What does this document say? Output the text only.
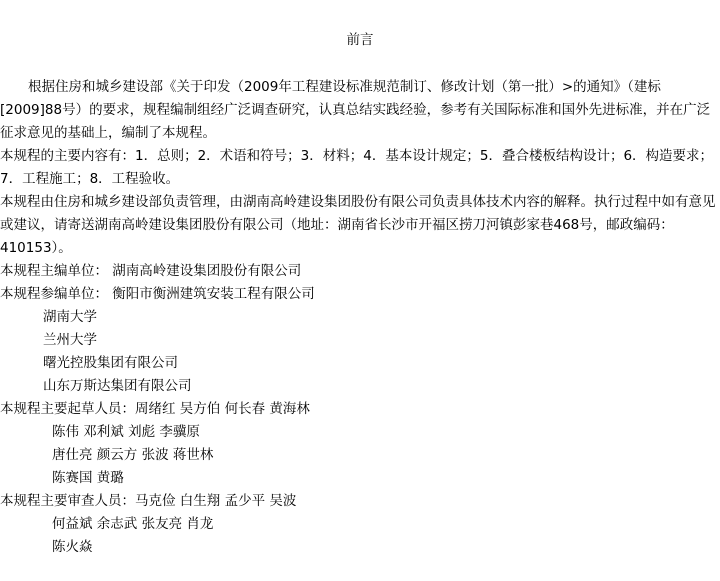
前言

根据住房和城乡建设部《关于印发（2009年工程建设标准规范制订、修改计划（第一批）>的通知》（建标[2009]88号）的要求，规程编制组经广泛调查研究，认真总结实践经验，参考有关国际标准和国外先进标准，并在广泛征求意见的基础上，编制了本规程。

本规程的主要内容有：1．总则；2．术语和符号；3．材料；4．基本设计规定；5．叠合楼板结构设计；6．构造要求；7．工程施工；8．工程验收。

本规程由住房和城乡建设部负责管理，由湖南高岭建设集团股份有限公司负责具体技术内容的解释。执行过程中如有意见或建议，请寄送湖南高岭建设集团股份有限公司（地址：湖南省长沙市开福区捞刀河镇彭家巷468号，邮政编码：410153）。

本规程主编单位： 湖南高岭建设集团股份有限公司

本规程参编单位： 衡阳市衡洲建筑安装工程有限公司

湖南大学

兰州大学

曙光控股集团有限公司

山东万斯达集团有限公司

本规程主要起草人员：周绪红 吴方伯 何长春 黄海林

陈伟 邓利斌 刘彪 李骥原

唐仕亮 颜云方 张波 蒋世林

陈赛国 黄璐

本规程主要审查人员：马克俭 白生翔 孟少平 吴波

何益斌 余志武 张友亮 肖龙

陈火焱
